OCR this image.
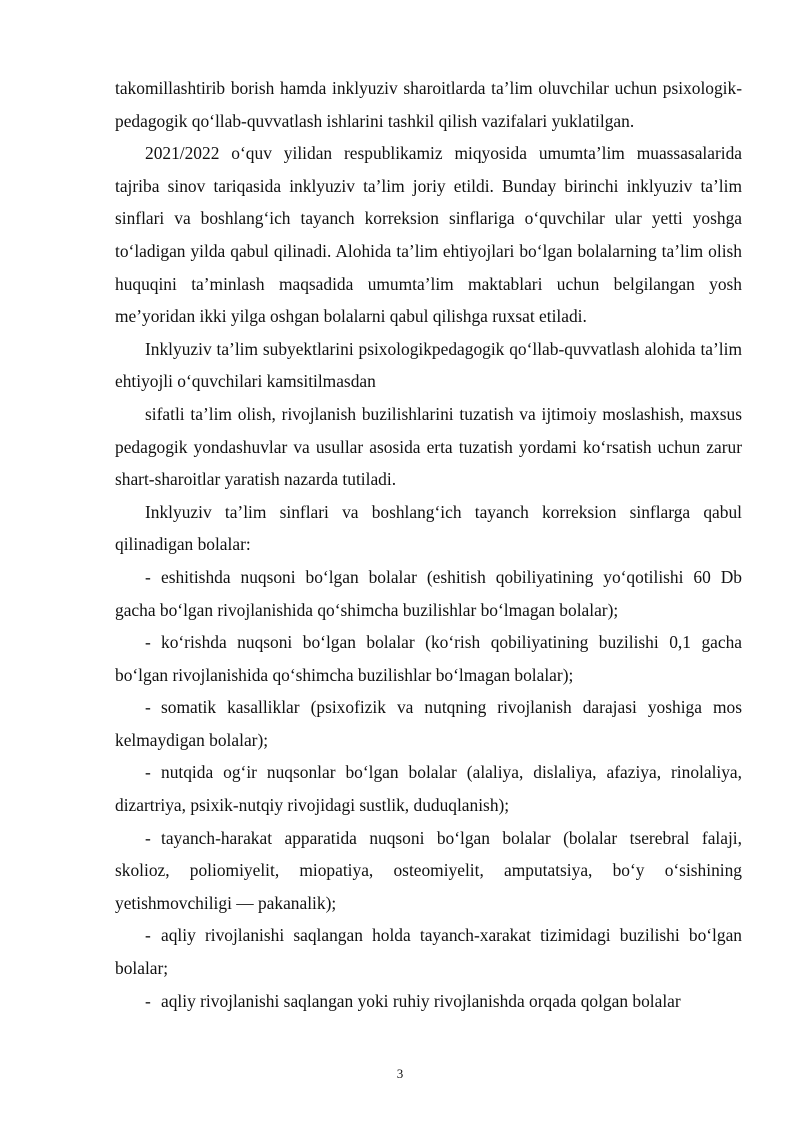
takomillashtirib borish hamda inklyuziv sharoitlarda ta’lim oluvchilar uchun psixologik-pedagogik qo‘llab-quvvatlash ishlarini tashkil qilish vazifalari yuklatilgan.

2021/2022 o‘quv yilidan respublikamiz miqyosida umumta’lim muassasalarida tajriba sinov tariqasida inklyuziv ta’lim joriy etildi. Bunday birinchi inklyuziv ta’lim sinflari va boshlang‘ich tayanch korreksion sinflariga o‘quvchilar ular yetti yoshga to‘ladigan yilda qabul qilinadi. Alohida ta’lim ehtiyojlari bo‘lgan bolalarning ta’lim olish huquqini ta’minlash maqsadida umumta’lim maktablari uchun belgilangan yosh me’yoridan ikki yilga oshgan bolalarni qabul qilishga ruxsat etiladi.

Inklyuziv ta’lim subyektlarini psixologikpedagogik qo‘llab-quvvatlash alohida ta’lim ehtiyojli o‘quvchilari kamsitilmasdan

sifatli ta’lim olish, rivojlanish buzilishlarini tuzatish va ijtimoiy moslashish, maxsus pedagogik yondashuvlar va usullar asosida erta tuzatish yordami ko‘rsatish uchun zarur shart-sharoitlar yaratish nazarda tutiladi.

Inklyuziv ta’lim sinflari va boshlang‘ich tayanch korreksion sinflarga qabul qilinadigan bolalar:

- eshitishda nuqsoni bo‘lgan bolalar (eshitish qobiliyatining yo‘qotilishi 60 Db gacha bo‘lgan rivojlanishida qo‘shimcha buzilishlar bo‘lmagan bolalar);

- ko‘rishda nuqsoni bo‘lgan bolalar (ko‘rish qobiliyatining buzilishi 0,1 gacha bo‘lgan rivojlanishida qo‘shimcha buzilishlar bo‘lmagan bolalar);

- somatik kasalliklar (psixofizik va nutqning rivojlanish darajasi yoshiga mos kelmaydigan bolalar);

- nutqida og‘ir nuqsonlar bo‘lgan bolalar (alaliya, dislaliya, afaziya, rinolaliya, dizartriya, psixik-nutqiy rivojidagi sustlik, duduqlanish);

- tayanch-harakat apparatida nuqsoni bo‘lgan bolalar (bolalar tserebral falaji, skolioz, poliomiyelit, miopatiya, osteomiyelit, amputatsiya, bo‘y o‘sishining yetishmovchiligi — pakanalik);

- aqliy rivojlanishi saqlangan holda tayanch-xarakat tizimidagi buzilishi bo‘lgan bolalar;

- aqliy rivojlanishi saqlangan yoki ruhiy rivojlanishda orqada qolgan bolalar

3
